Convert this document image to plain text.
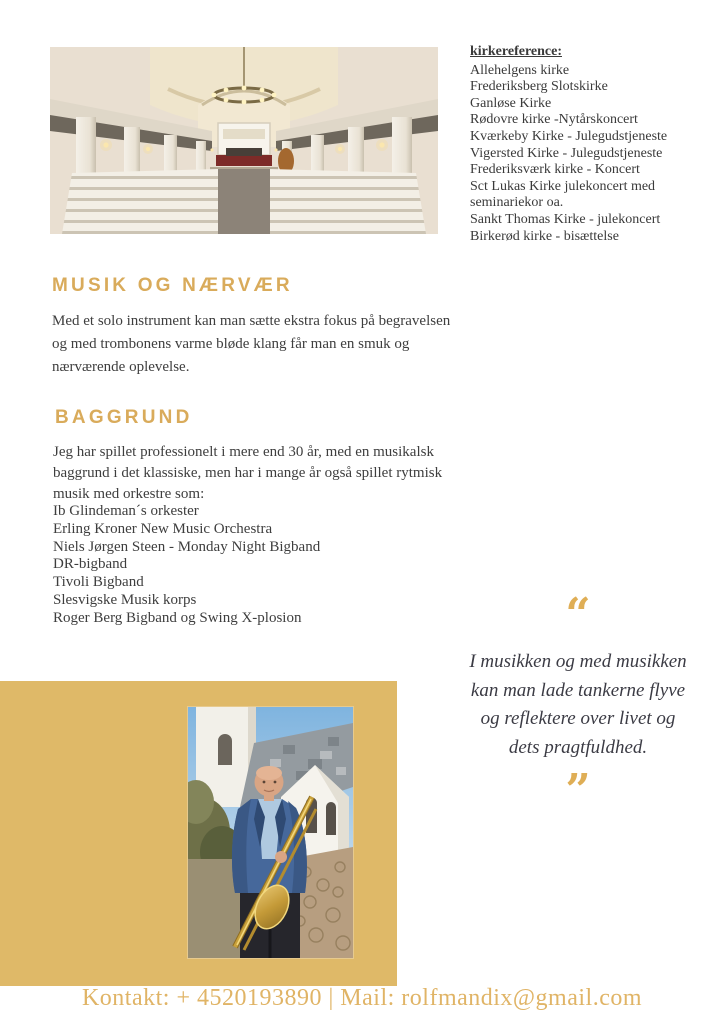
kirkereference:
Allehelgens kirke
Frederiksberg Slotskirke
Ganløse Kirke
Rødovre kirke -Nytårskoncert
Kværkeby Kirke - Julegudstjeneste
Vigersted Kirke - Julegudstjeneste
Frederiksværk kirke - Koncert
Sct Lukas Kirke julekoncert med seminariekor oa.
Sankt Thomas Kirke - julekoncert
Birkerød kirke - bisættelse
MUSIK OG NÆRVÆR
Med et solo instrument kan man sætte ekstra fokus på begravelsen og med trombonens varme bløde klang får man en smuk og nærværende oplevelse.
BAGGRUND
Jeg har spillet professionelt i mere end 30 år, med en musikalsk baggrund i det klassiske, men har i mange år også spillet rytmisk musik med orkestre som:
Ib Glindeman´s orkester
Erling Kroner New Music Orchestra
Niels Jørgen Steen - Monday Night Bigband
DR-bigband
Tivoli Bigband
Slesvigske Musik korps
Roger Berg Bigband og Swing X-plosion	“
I musikken og med musikken kan man lade tankerne flyve og reflektere over livet og dets pragtfuldhed.
”
Kontakt: + 4520193890 | Mail: rolfmandix@gmail.com
